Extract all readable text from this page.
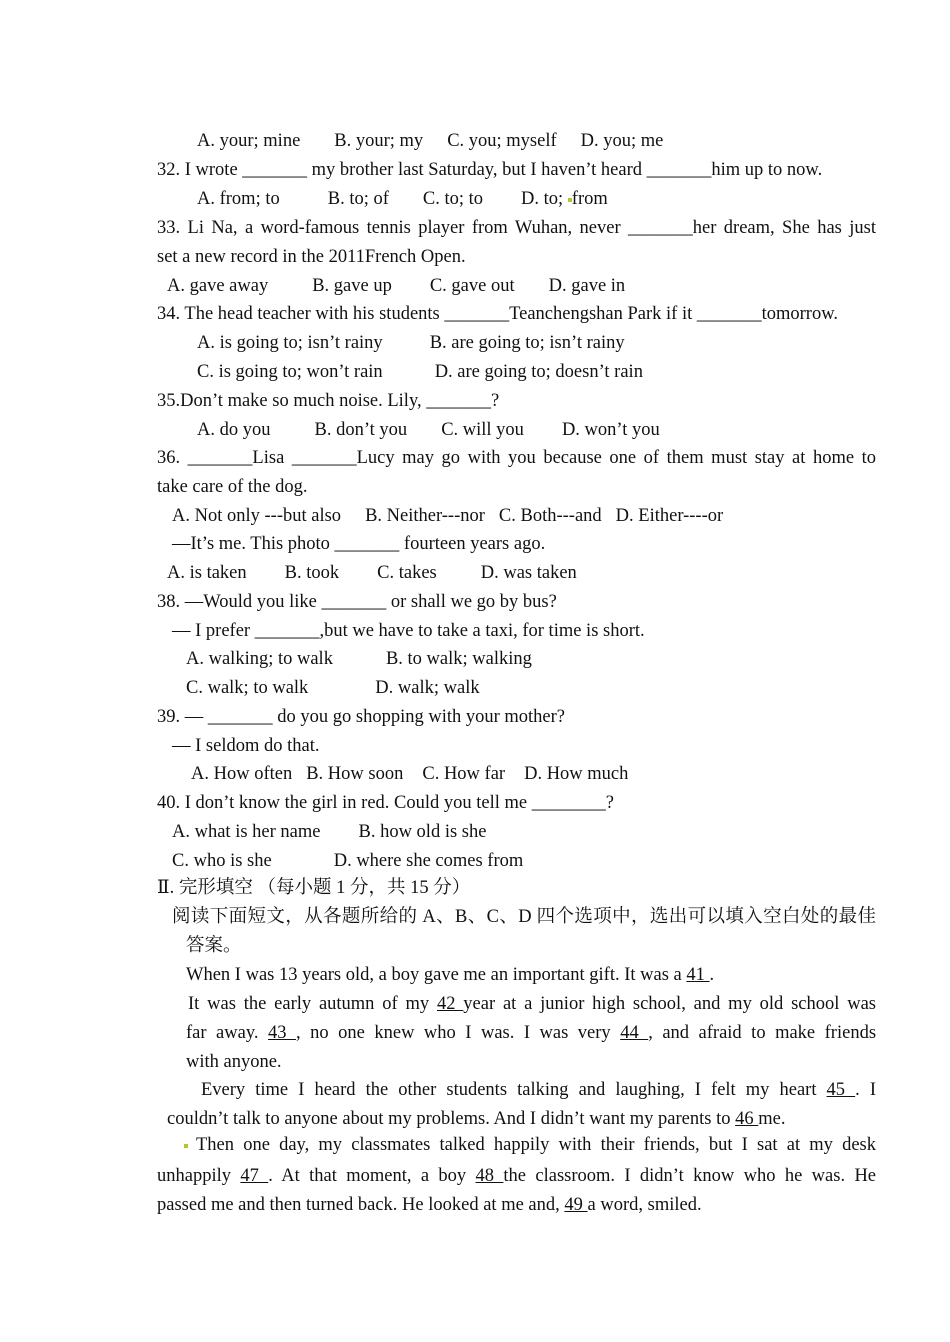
A. your; mine B. your; my C. you; myself D. you; me
32. I wrote _______ my brother last Saturday, but I haven’t heard _______him up to now.
A. from; to	B. to; of C. to; to D. to; from
33. Li Na, a word-famous tennis player from Wuhan, never _______her dream, She has just
set a new record in the 2011French Open.
A. gave away B. gave up C. gave out D. gave in
34. The head teacher with his students _______Teanchengshan Park if it _______tomorrow.
A. is going to; isn’t rainy	B. are going to; isn’t rainy
C. is going to; won’t rain	D. are going to; doesn’t rain
35.Don’t make so much noise. Lily, _______?
A. do you B. don’t you C. will you D. won’t you
36. _______Lisa _______Lucy may go with you because one of them must stay at home to
take care of the dog.
A. Not only ---but also B. Neither---nor C. Both---and D. Either----or
—It’s me. This photo _______ fourteen years ago.
A. is taken B. took C. takes D. was taken
38. —Would you like _______ or shall we go by bus?
— I prefer _______,but we have to take a taxi, for time is short.
A. walking; to walk	B. to walk; walking
C. walk; to walk	D. walk; walk
39. — _______ do you go shopping with your mother?
— I seldom do that.
A. How often B. How soon C. How far D. How much
40. I don’t know the girl in red. Could you tell me ________?
A. what is her name B. how old is she
C. who is she	D. where she comes from
Ⅱ. 完形填空 （每小题 1 分，共 15 分）
阅读下面短文，从各题所给的 A、B、C、D 四个选项中，选出可以填入空白处的最佳
答案。
When I was 13 years old, a boy gave me an important gift. It was a 41 .
It was the early autumn of my 42 year at a junior high school, and my old school was
far away. 43 , no one knew who I was. I was very 44 , and afraid to make friends
with anyone.
Every time I heard the other students talking and laughing, I felt my heart 45 . I
couldn’t talk to anyone about my problems. And I didn’t want my parents to 46 me.
Then one day, my classmates talked happily with their friends, but I sat at my desk
unhappily 47 . At that moment, a boy 48 the classroom. I didn’t know who he was. He
passed me and then turned back. He looked at me and, 49 a word, smiled.
